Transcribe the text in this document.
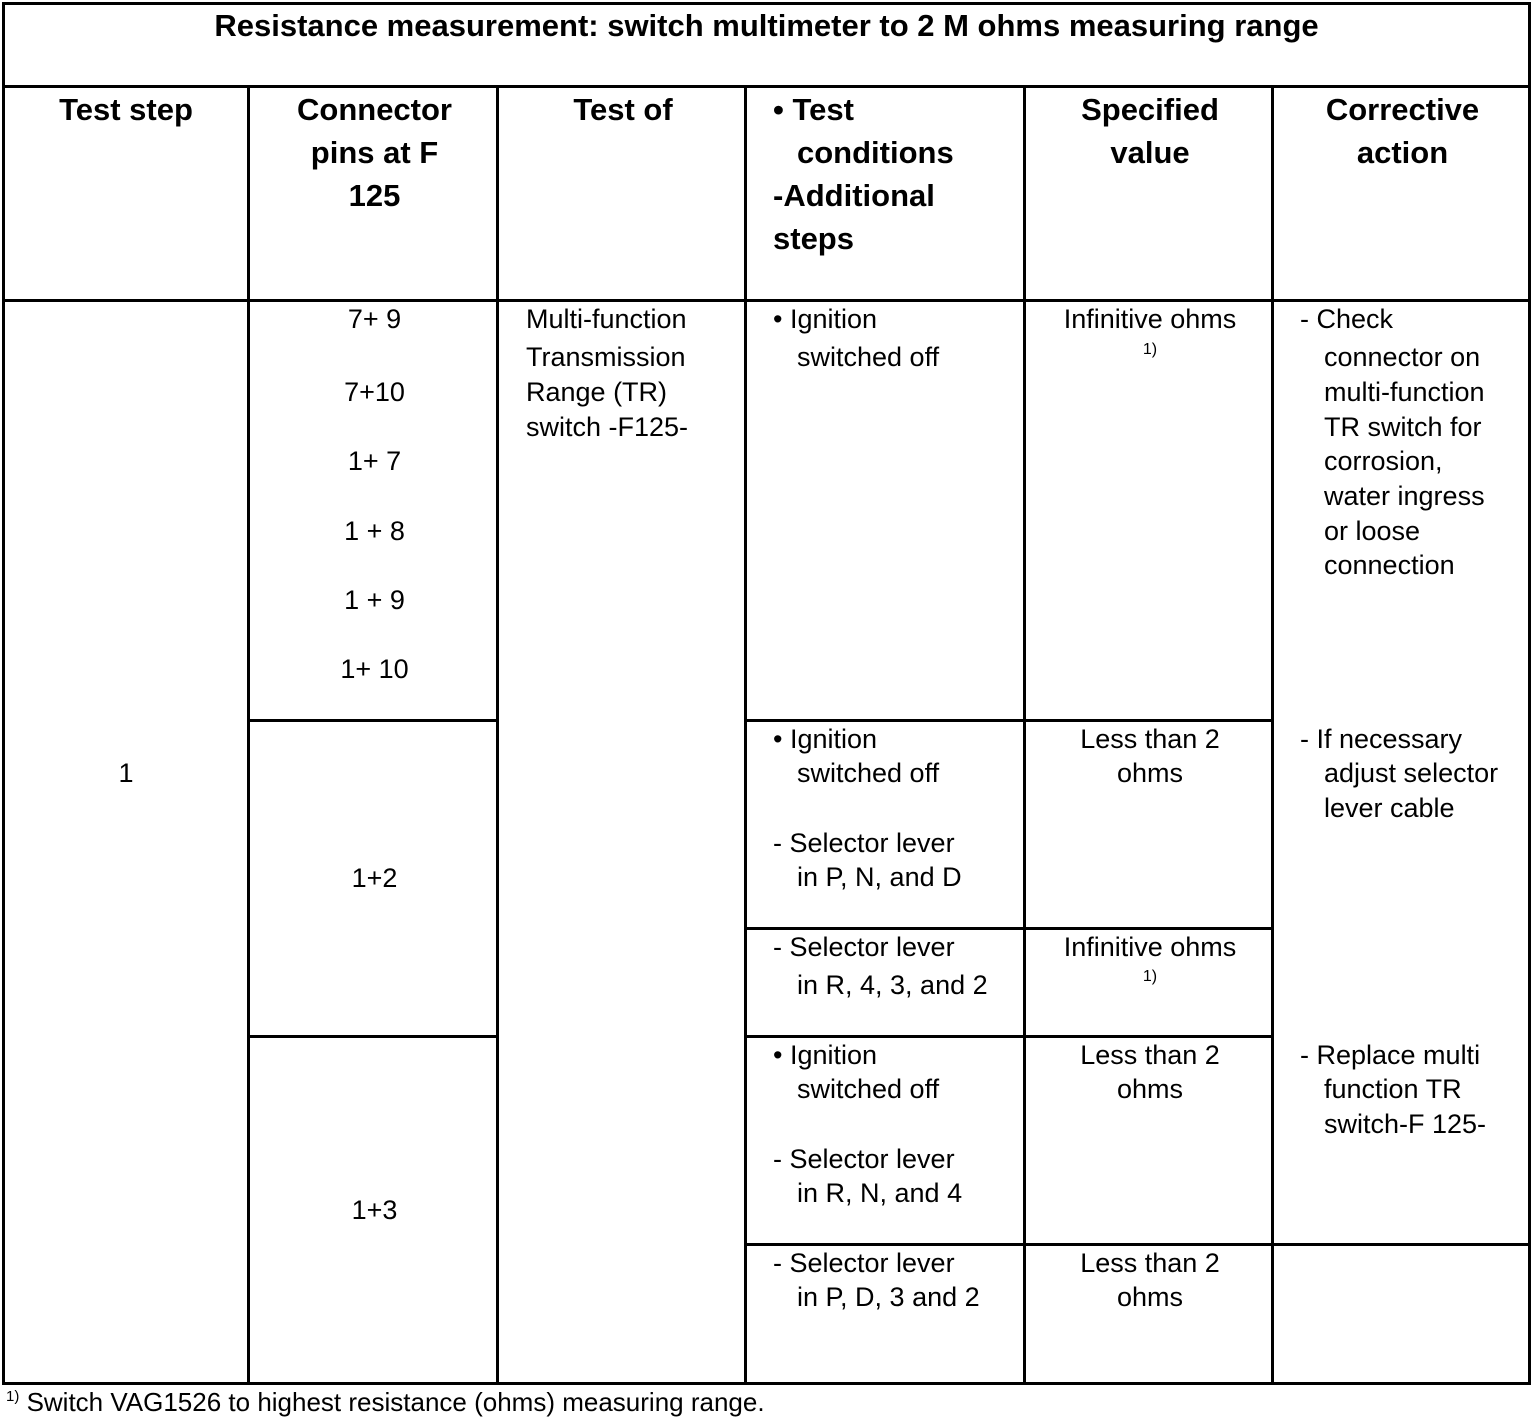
Resistance measurement: switch multimeter to 2 M ohms measuring range
Test step	Connector
pins at F
125
Test of	• Test
conditions
-Additional
steps
Specified
value
Corrective
action
1
7+ 9
7+10
1+ 7
1 + 8
1 + 9
1+ 10
1+2
1+3
Multi-function
Transmission
Range (TR)
switch -F125-
• Ignition
switched off
• Ignition
switched off
- Selector lever
in P, N, and D
- Selector lever
in R, 4, 3, and 2
• Ignition
switched off
- Selector lever
in R, N, and 4
- Selector lever
in P, D, 3 and 2
Infinitive ohms
1)
Less than 2
ohms
Infinitive ohms
1)
Less than 2
ohms
Less than 2
ohms
- Check
connector on
multi-function
TR switch for
corrosion,
water ingress
or loose
connection
- If necessary
adjust selector
lever cable
- Replace multi
function TR
switch-F 125-
$^{1)}$ Switch VAG1526 to highest resistance (ohms) measuring range.
